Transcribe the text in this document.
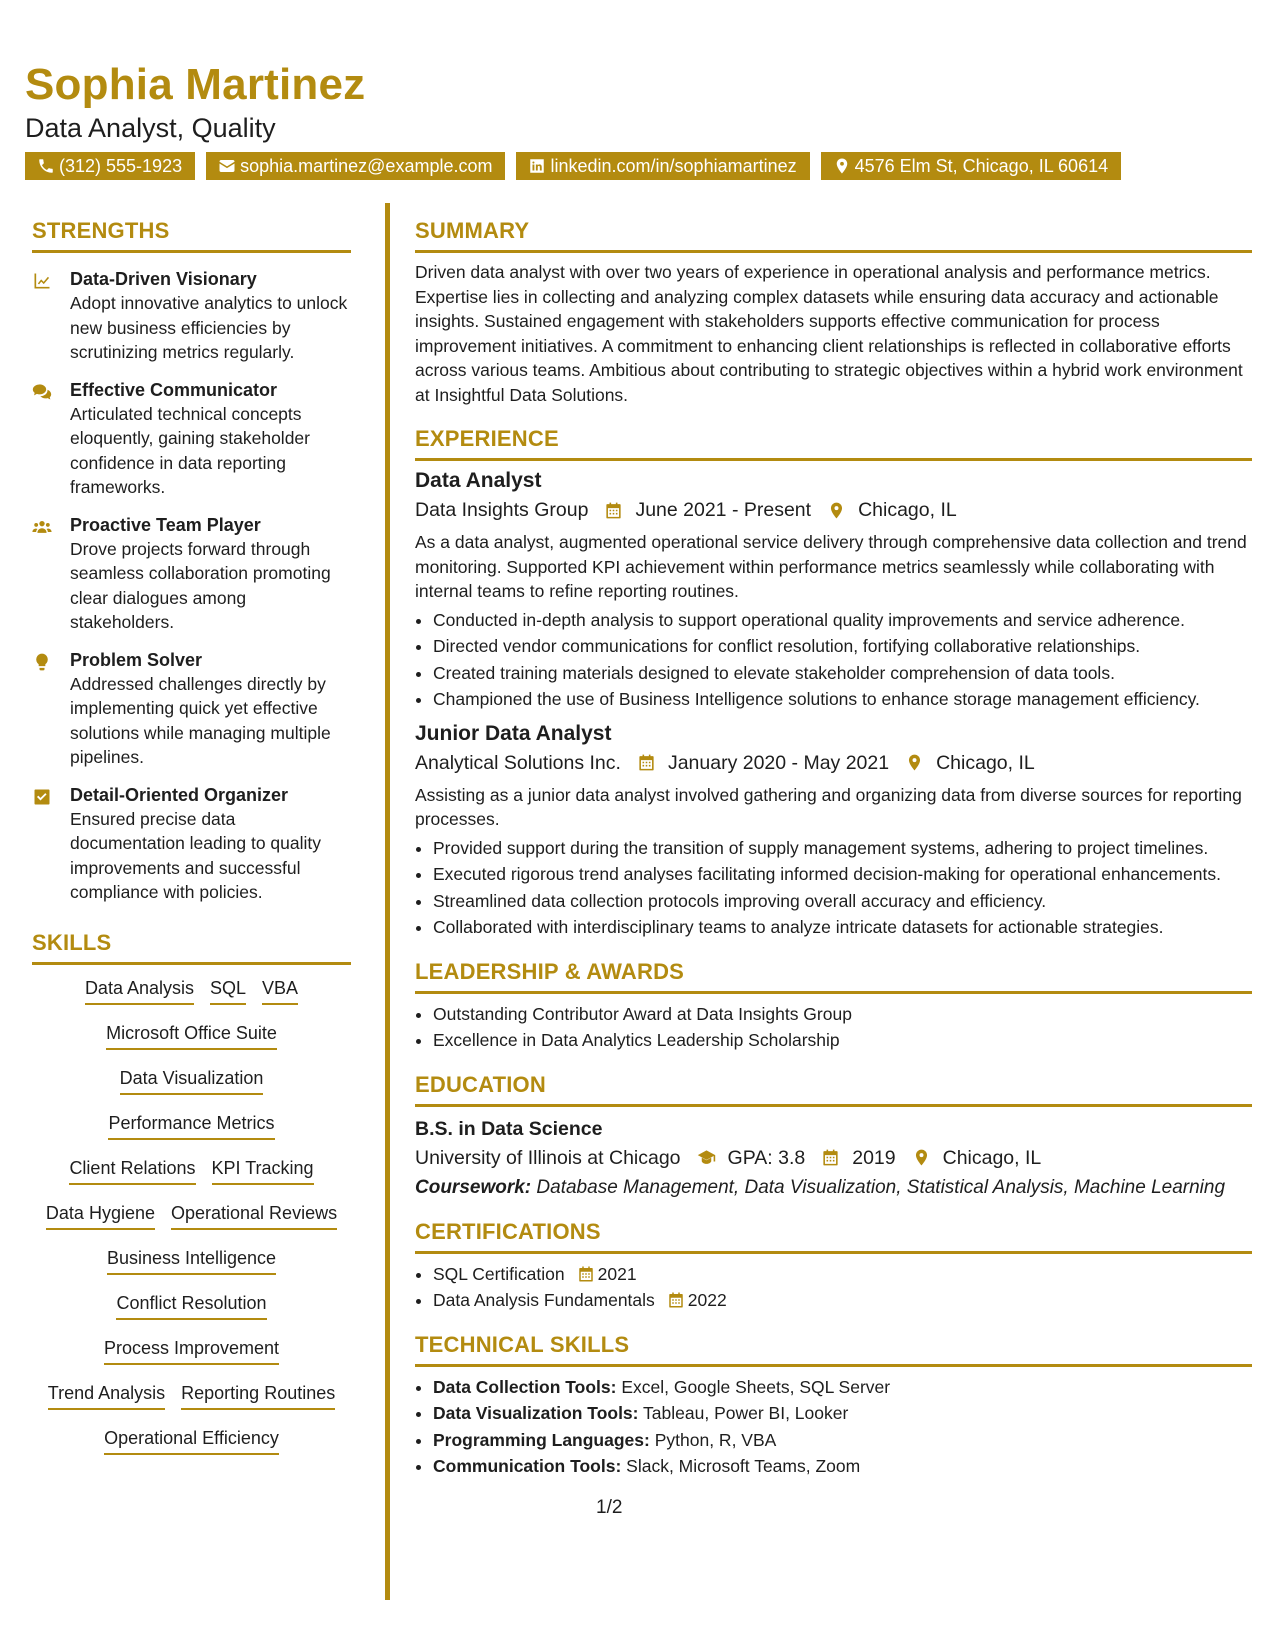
Sophia Martinez
Data Analyst, Quality
(312) 555-1923	sophia.martinez@example.com	linkedin.com/in/sophiamartinez	4576 Elm St, Chicago, IL 60614
STRENGTHS
Data-Driven Visionary
Adopt innovative analytics to unlock new business efficiencies by scrutinizing metrics regularly.
Effective Communicator
Articulated technical concepts eloquently, gaining stakeholder confidence in data reporting frameworks.
Proactive Team Player
Drove projects forward through seamless collaboration promoting clear dialogues among stakeholders.
Problem Solver
Addressed challenges directly by implementing quick yet effective solutions while managing multiple pipelines.
Detail-Oriented Organizer
Ensured precise data documentation leading to quality improvements and successful compliance with policies.
SKILLS
Data Analysis SQL VBA
Microsoft Office Suite
Data Visualization
Performance Metrics
Client Relations KPI Tracking
Data Hygiene Operational Reviews
Business Intelligence
Conflict Resolution
Process Improvement
Trend Analysis Reporting Routines
Operational Efficiency
SUMMARY
Driven data analyst with over two years of experience in operational analysis and performance metrics. Expertise lies in collecting and analyzing complex datasets while ensuring data accuracy and actionable insights. Sustained engagement with stakeholders supports effective communication for process improvement initiatives. A commitment to enhancing client relationships is reflected in collaborative efforts across various teams. Ambitious about contributing to strategic objectives within a hybrid work environment at Insightful Data Solutions.
EXPERIENCE
Data Analyst
Data Insights Group June 2021 - Present Chicago, IL
As a data analyst, augmented operational service delivery through comprehensive data collection and trend monitoring. Supported KPI achievement within performance metrics seamlessly while collaborating with internal teams to refine reporting routines.
• Conducted in-depth analysis to support operational quality improvements and service adherence.
• Directed vendor communications for conflict resolution, fortifying collaborative relationships.
• Created training materials designed to elevate stakeholder comprehension of data tools.
• Championed the use of Business Intelligence solutions to enhance storage management efficiency.
Junior Data Analyst
Analytical Solutions Inc. January 2020 - May 2021 Chicago, IL
Assisting as a junior data analyst involved gathering and organizing data from diverse sources for reporting processes.
• Provided support during the transition of supply management systems, adhering to project timelines.
• Executed rigorous trend analyses facilitating informed decision-making for operational enhancements.
• Streamlined data collection protocols improving overall accuracy and efficiency.
• Collaborated with interdisciplinary teams to analyze intricate datasets for actionable strategies.
LEADERSHIP & AWARDS
• Outstanding Contributor Award at Data Insights Group
• Excellence in Data Analytics Leadership Scholarship
EDUCATION
B.S. in Data Science
University of Illinois at Chicago GPA: 3.8 2019 Chicago, IL
Coursework: Database Management, Data Visualization, Statistical Analysis, Machine Learning
CERTIFICATIONS
• SQL Certification 2021
• Data Analysis Fundamentals 2022
TECHNICAL SKILLS
• Data Collection Tools: Excel, Google Sheets, SQL Server
• Data Visualization Tools: Tableau, Power BI, Looker
• Programming Languages: Python, R, VBA
• Communication Tools: Slack, Microsoft Teams, Zoom
1/2
